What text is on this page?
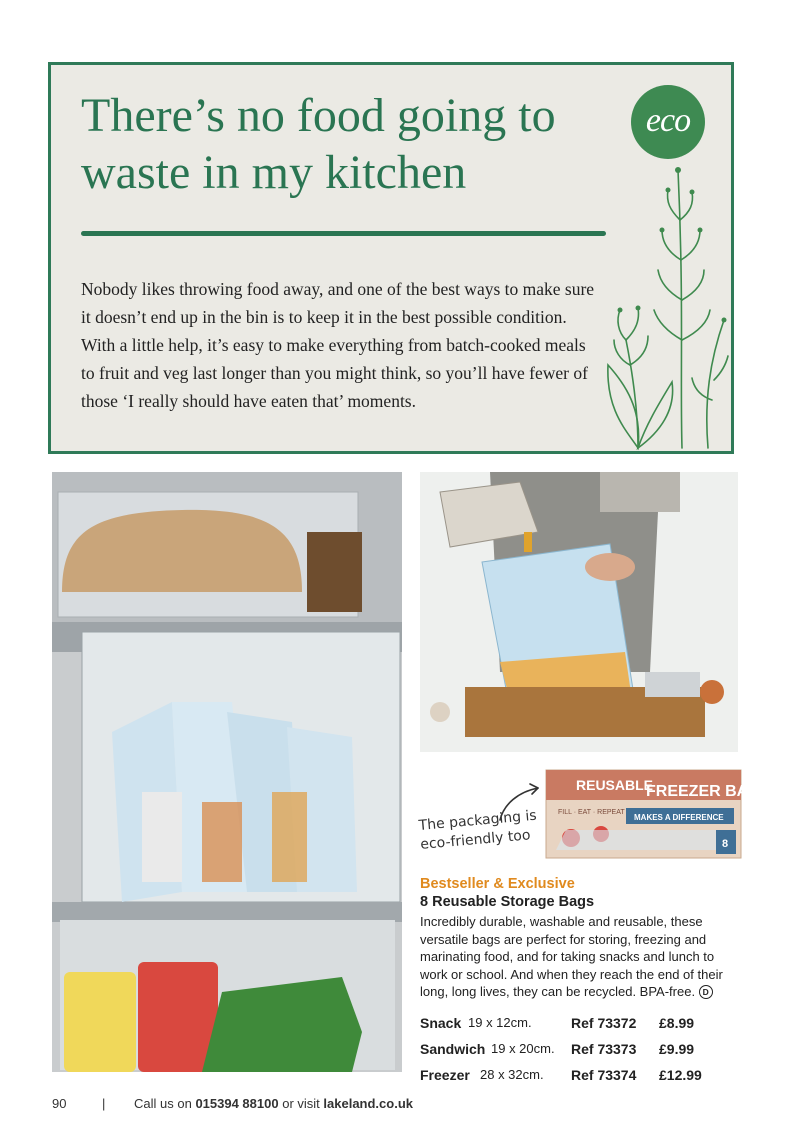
There’s no food going to waste in my kitchen

Nobody likes throwing food away, and one of the best ways to make sure it doesn’t end up in the bin is to keep it in the best possible condition. With a little help, it’s easy to make everything from batch-cooked meals to fruit and veg last longer than you might think, so you’ll have fewer of those ‘I really should have eaten that’ moments.

eco
REUSABLE
FREEZER BAGS
FILL · EAT · REPEAT
MAKES A DIFFERENCE
8

The packaging is eco-friendly too

Bestseller & Exclusive

8 Reusable Storage Bags

Incredibly durable, washable and reusable, these versatile bags are perfect for storing, freezing and marinating food, and for taking snacks and lunch to work or school. And when they reach the end of their long, long lives, they can be recycled. BPA-free. D

Snack 19 x 12cm.	Ref 73372	£8.99
Sandwich 19 x 20cm.	Ref 73373	£9.99
Freezer 28 x 32cm.	Ref 73374	£12.99
90	| Call us on 015394 88100 or visit lakeland.co.uk
